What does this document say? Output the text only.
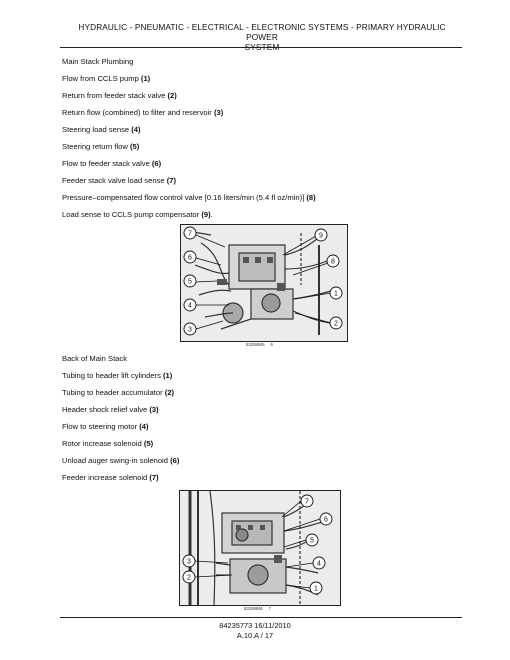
HYDRAULIC - PNEUMATIC - ELECTRICAL - ELECTRONIC SYSTEMS - PRIMARY HYDRAULIC POWER
SYSTEM
Main Stack Plumbing
Flow from CCLS pump (1)
Return from feeder stack valve (2)
Return flow (combined) to filter and reservoir (3)
Steering load sense (4)
Steering return flow (5)
Flow to feeder stack valve (6)
Feeder stack valve load sense (7)
Pressure–compensated flow control valve [0.16 liters/min (5.4 fl oz/min)] (8)
Load sense to CCLS pump compensator (9).
7
6
5
4
3
9
8
1
2
53208845 6
Back of Main Stack
Tubing to header lift cylinders (1)
Tubing to header accumulator (2)
Header shock relief valve (3)
Flow to steering motor (4)
Rotor increase solenoid (5)
Unload auger swing-in solenoid (6)
Feeder increase solenoid (7)
7
6
5
3	4
2
1
53208846 7
84235773 16/11/2010
A.10.A / 17
